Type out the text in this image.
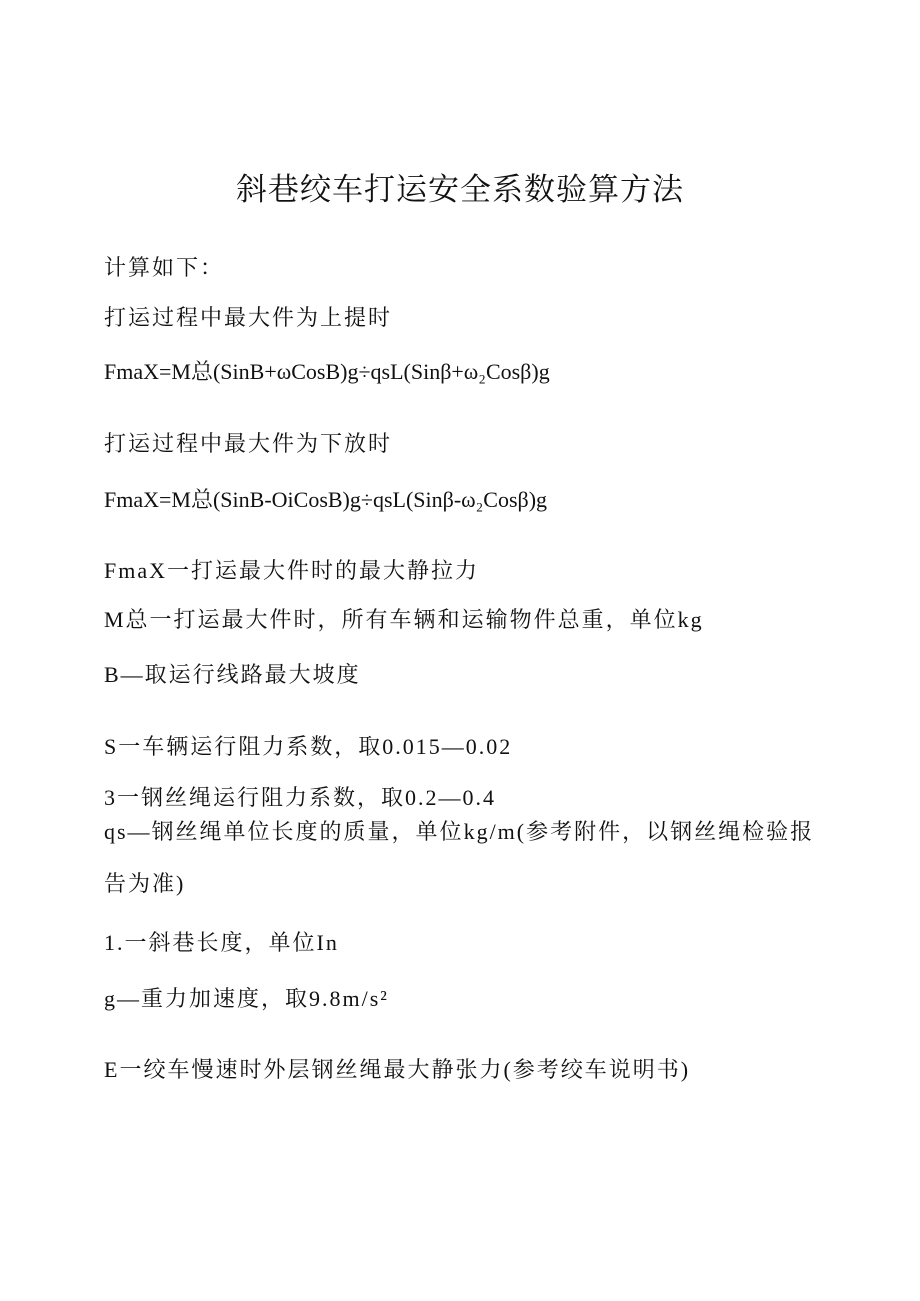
斜巷绞车打运安全系数验算方法
计算如下：
打运过程中最大件为上提时
FmaX=M总(SinB+ωCosB)g÷qsL(Sinβ+ω₂Cosβ)g
打运过程中最大件为下放时
FmaX=M总(SinB-OiCosB)g÷qsL(Sinβ-ω₂Cosβ)g
FmaX一打运最大件时的最大静拉力
M总一打运最大件时，所有车辆和运输物件总重，单位kg
B—取运行线路最大坡度
S一车辆运行阻力系数，取0.015—0.02
3一钢丝绳运行阻力系数，取0.2—0.4
qs—钢丝绳单位长度的质量，单位kg/m(参考附件，以钢丝绳检验报告为准)
1.一斜巷长度，单位In
g—重力加速度，取9.8m/s²
E一绞车慢速时外层钢丝绳最大静张力(参考绞车说明书)
